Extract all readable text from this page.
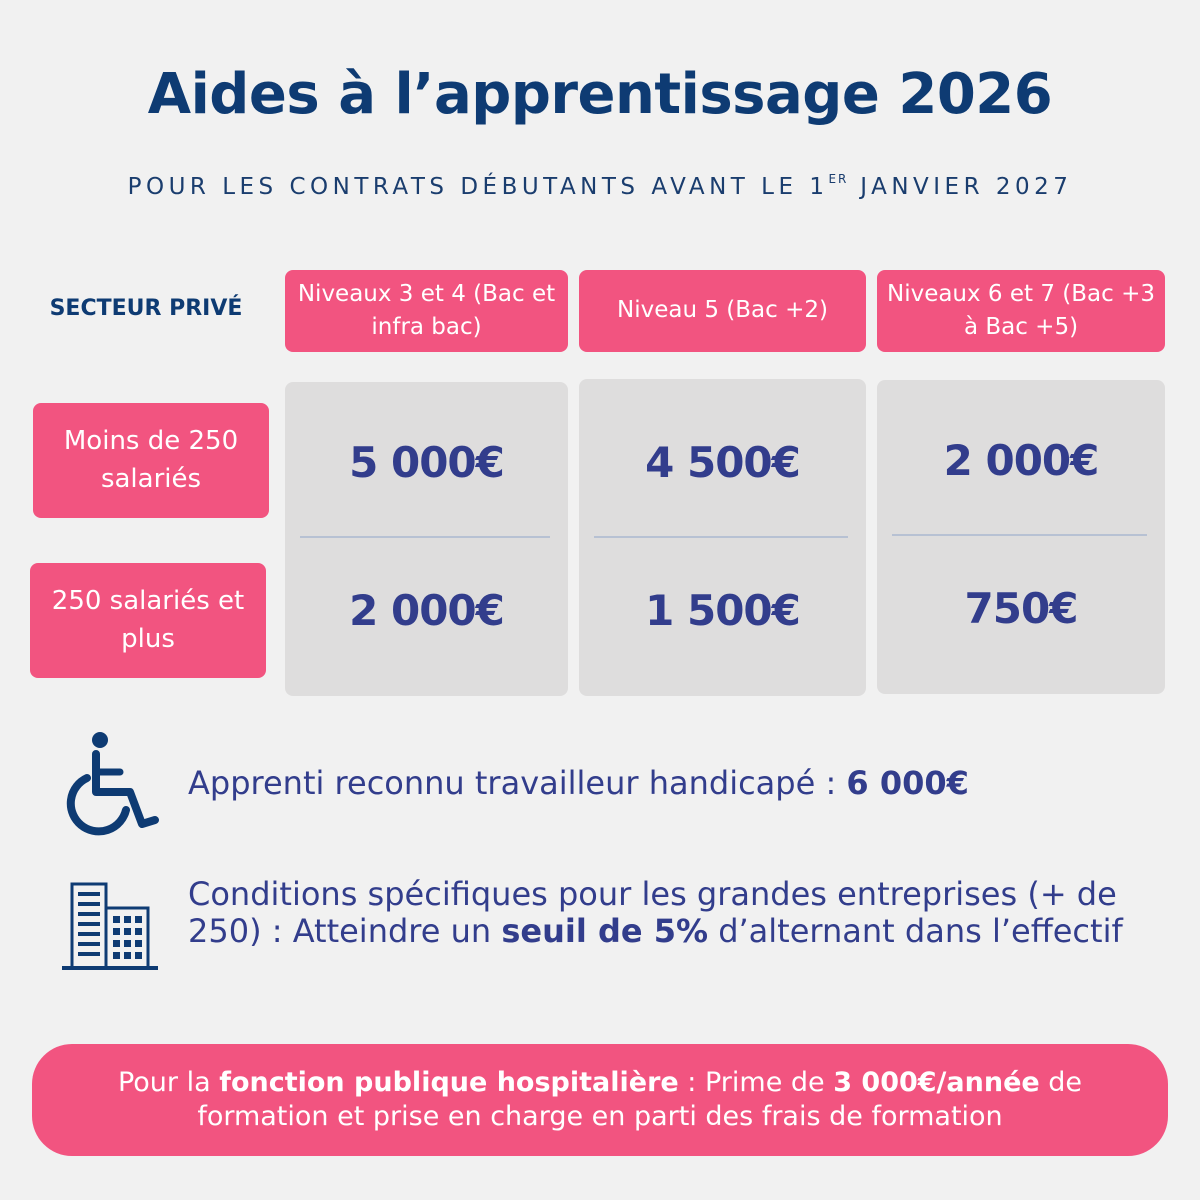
Aides à l’apprentissage 2026
POUR LES CONTRATS DÉBUTANTS AVANT LE 1ER JANVIER 2027
SECTEUR PRIVÉ
Niveaux 3 et 4 (Bac et infra bac)
Niveau 5 (Bac +2)
Niveaux 6 et 7 (Bac +3 à Bac +5)
Moins de 250 salariés
250 salariés et plus
5 000€
2 000€
4 500€
1 500€
2 000€
750€
Apprenti reconnu travailleur handicapé : 6 000€
Conditions spécifiques pour les grandes entreprises (+ de 250) : Atteindre un seuil de 5% d’alternant dans l’effectif
Pour la fonction publique hospitalière : Prime de 3 000€/année de formation et prise en charge en parti des frais de formation
